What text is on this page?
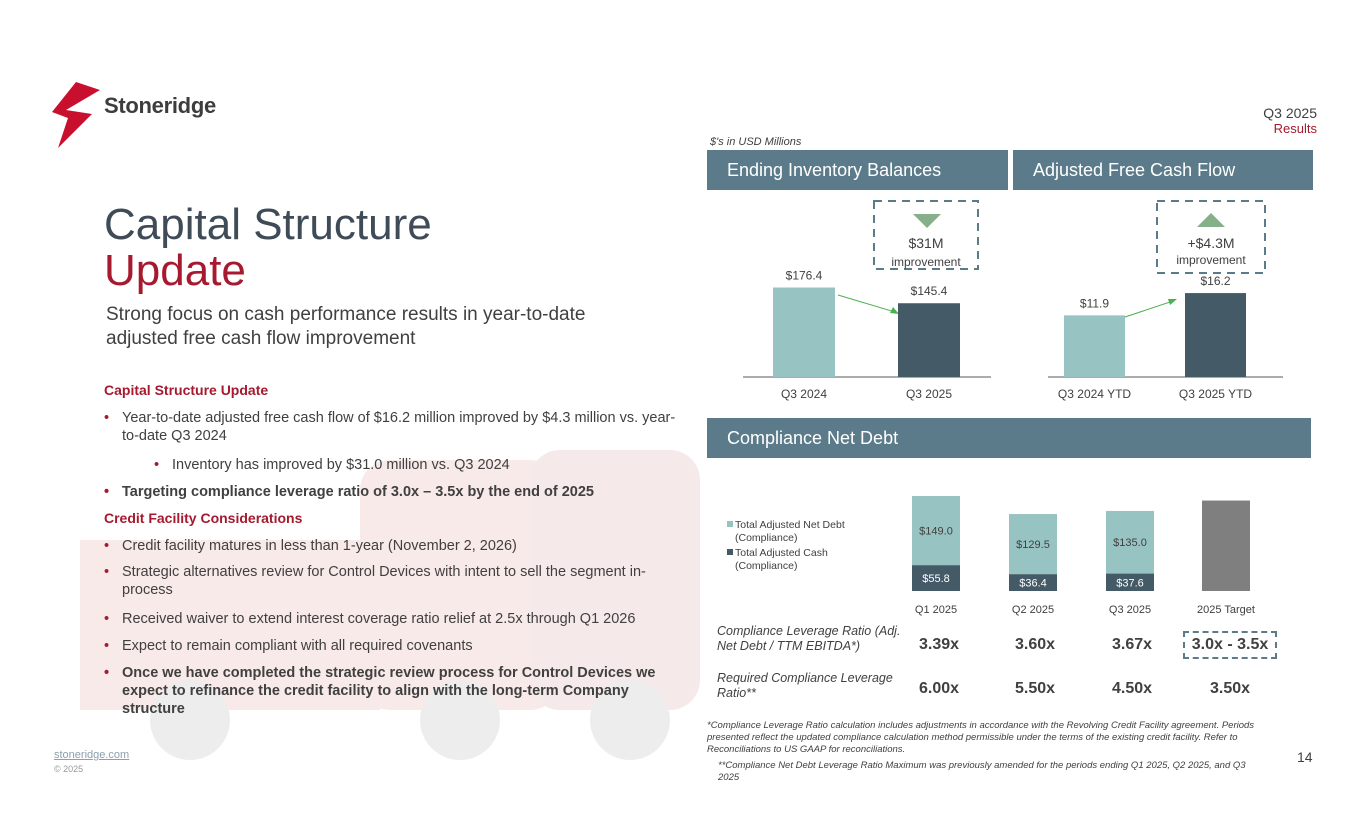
Stoneridge	Q3 2025
Results
$'s in USD Millions
Capital Structure
Update
Strong focus on cash performance results in year-to-date adjusted free cash flow improvement
Capital Structure Update
• Year-to-date adjusted free cash flow of $16.2 million improved by $4.3 million vs. year-to-date Q3 2024
• Inventory has improved by $31.0 million vs. Q3 2024
• Targeting compliance leverage ratio of 3.0x – 3.5x by the end of 2025
Credit Facility Considerations
• Credit facility matures in less than 1-year (November 2, 2026)
• Strategic alternatives review for Control Devices with intent to sell the segment in-process
• Received waiver to extend interest coverage ratio relief at 2.5x through Q1 2026
• Expect to remain compliant with all required covenants
• Once we have completed the strategic review process for Control Devices we expect to refinance the credit facility to align with the long-term Company structure
Ending Inventory Balances	Adjusted Free Cash Flow
Compliance Net Debt
$31M
improvement
$176.4
Q3 2024
$145.4
Q3 2025
+$4.3M
improvement
$11.9
Q3 2024 YTD
$16.2
Q3 2025 YTD
Total Adjusted Net Debt (Compliance)
Total Adjusted Cash (Compliance)
$55.8
$149.0
Q1 2025
$36.4
$129.5
Q2 2025
$37.6
$135.0
Q3 2025	2025 Target
Compliance Leverage Ratio (Adj. Net Debt / TTM EBITDA*)	3.39x	3.60x	3.67x	3.0x - 3.5x
Required Compliance Leverage Ratio**	6.00x	5.50x	4.50x	3.50x
*Compliance Leverage Ratio calculation includes adjustments in accordance with the Revolving Credit Facility agreement. Periods presented reflect the updated compliance calculation method permissible under the terms of the existing credit facility. Refer to Reconciliations to US GAAP for reconciliations.
**Compliance Net Debt Leverage Ratio Maximum was previously amended for the periods ending Q1 2025, Q2 2025, and Q3 2025
stoneridge.com
© 2025
14
